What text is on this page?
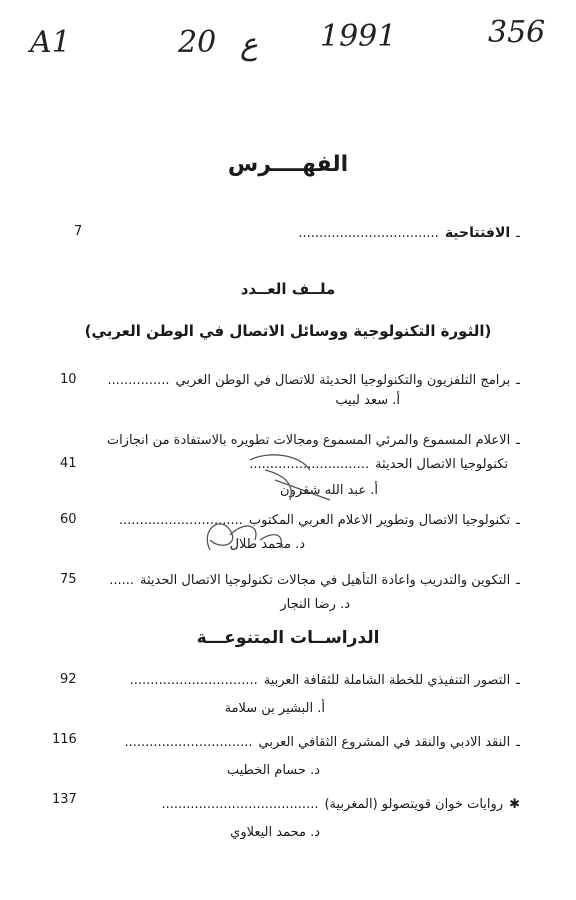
A1	20 ع 1991	356
الفهــــرس
ـالافتتاحية..................................
7
ملــف العــدد
(الثورة التكنولوجية ووسائل الاتصال في الوطن العربي)
ـبرامج التلفزيون والتكنولوجيا الحديثة للاتصال في الوطن العربي...............
أ. سعد لبيب
10
ـالاعلام المسموع والمرئي المسموع ومجالات تطويره بالاستفادة من انجازات
تكنولوجيا الاتصال الحديثة.............................
أ. عبد الله شقرون
41
ـتكنولوجيا الاتصال وتطوير الاعلام العربي المكتوب..............................
د. محمد طلال
60
ـالتكوين والتدريب واعادة التأهيل في مجالات تكنولوجيا الاتصال الحديثة......
د. رضا النجار
75
الدراســات المتنوعـــة
ـالتصور التنفيذي للخطة الشاملة للثقافة العربية...............................
أ. البشير بن سلامة
92
ـالنقد الادبي والنقد في المشروع الثقافي العربي...............................
د. حسام الخطيب
116
✱روايات خوان قويتصولو (المغربية)......................................
د. محمد اليعلاوي
137
